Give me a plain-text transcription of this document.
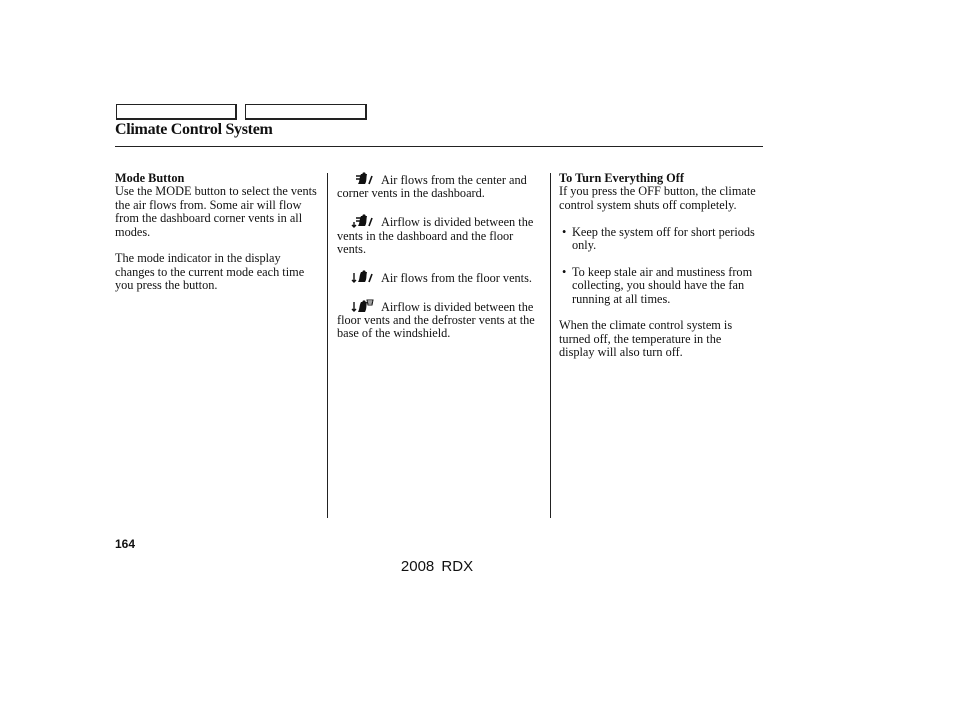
Climate Control System
Mode Button

Use the MODE button to select the vents the air flows from. Some air will flow from the dashboard corner vents in all modes.

The mode indicator in the display changes to the current mode each time you press the button.

Air flows from the center and corner vents in the dashboard.

Airflow is divided between the vents in the dashboard and the floor vents.

Air flows from the floor vents.

Airflow is divided between the floor vents and the defroster vents at the base of the windshield.

To Turn Everything Off

If you press the OFF button, the climate control system shuts off completely.

• Keep the system off for short periods only.

• To keep stale air and mustiness from collecting, you should have the fan running at all times.

When the climate control system is turned off, the temperature in the display will also turn off.

164
2008 RDX
